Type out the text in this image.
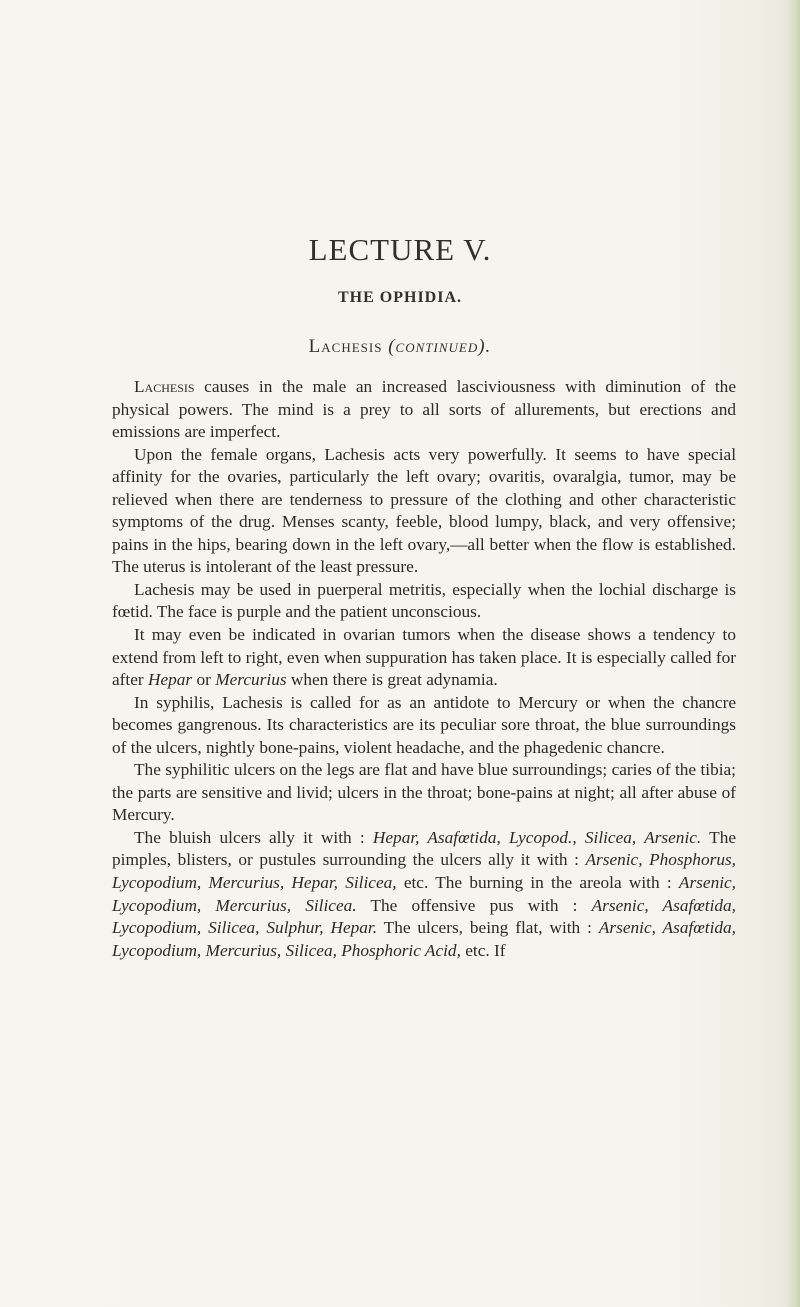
LECTURE V.
THE OPHIDIA.
Lachesis (continued).

Lachesis causes in the male an increased lasciviousness with diminution of the physical powers. The mind is a prey to all sorts of allurements, but erections and emissions are imperfect.

Upon the female organs, Lachesis acts very powerfully. It seems to have special affinity for the ovaries, particularly the left ovary; ovaritis, ovaralgia, tumor, may be relieved when there are tenderness to pressure of the clothing and other characteristic symptoms of the drug. Menses scanty, feeble, blood lumpy, black, and very offensive; pains in the hips, bearing down in the left ovary,—all better when the flow is established. The uterus is intolerant of the least pressure.

Lachesis may be used in puerperal metritis, especially when the lochial discharge is fœtid. The face is purple and the patient unconscious.

It may even be indicated in ovarian tumors when the disease shows a tendency to extend from left to right, even when suppuration has taken place. It is especially called for after Hepar or Mercurius when there is great adynamia.

In syphilis, Lachesis is called for as an antidote to Mercury or when the chancre becomes gangrenous. Its characteristics are its peculiar sore throat, the blue surroundings of the ulcers, nightly bone-pains, violent headache, and the phagedenic chancre.

The syphilitic ulcers on the legs are flat and have blue surroundings; caries of the tibia; the parts are sensitive and livid; ulcers in the throat; bone-pains at night; all after abuse of Mercury.

The bluish ulcers ally it with : Hepar, Asafœtida, Lycopod., Silicea, Arsenic. The pimples, blisters, or pustules surrounding the ulcers ally it with : Arsenic, Phosphorus, Lycopodium, Mercurius, Hepar, Silicea, etc. The burning in the areola with : Arsenic, Lycopodium, Mercurius, Silicea. The offensive pus with : Arsenic, Asafœtida, Lycopodium, Silicea, Sulphur, Hepar. The ulcers, being flat, with : Arsenic, Asafœtida, Lycopodium, Mercurius, Silicea, Phosphoric Acid, etc. If
